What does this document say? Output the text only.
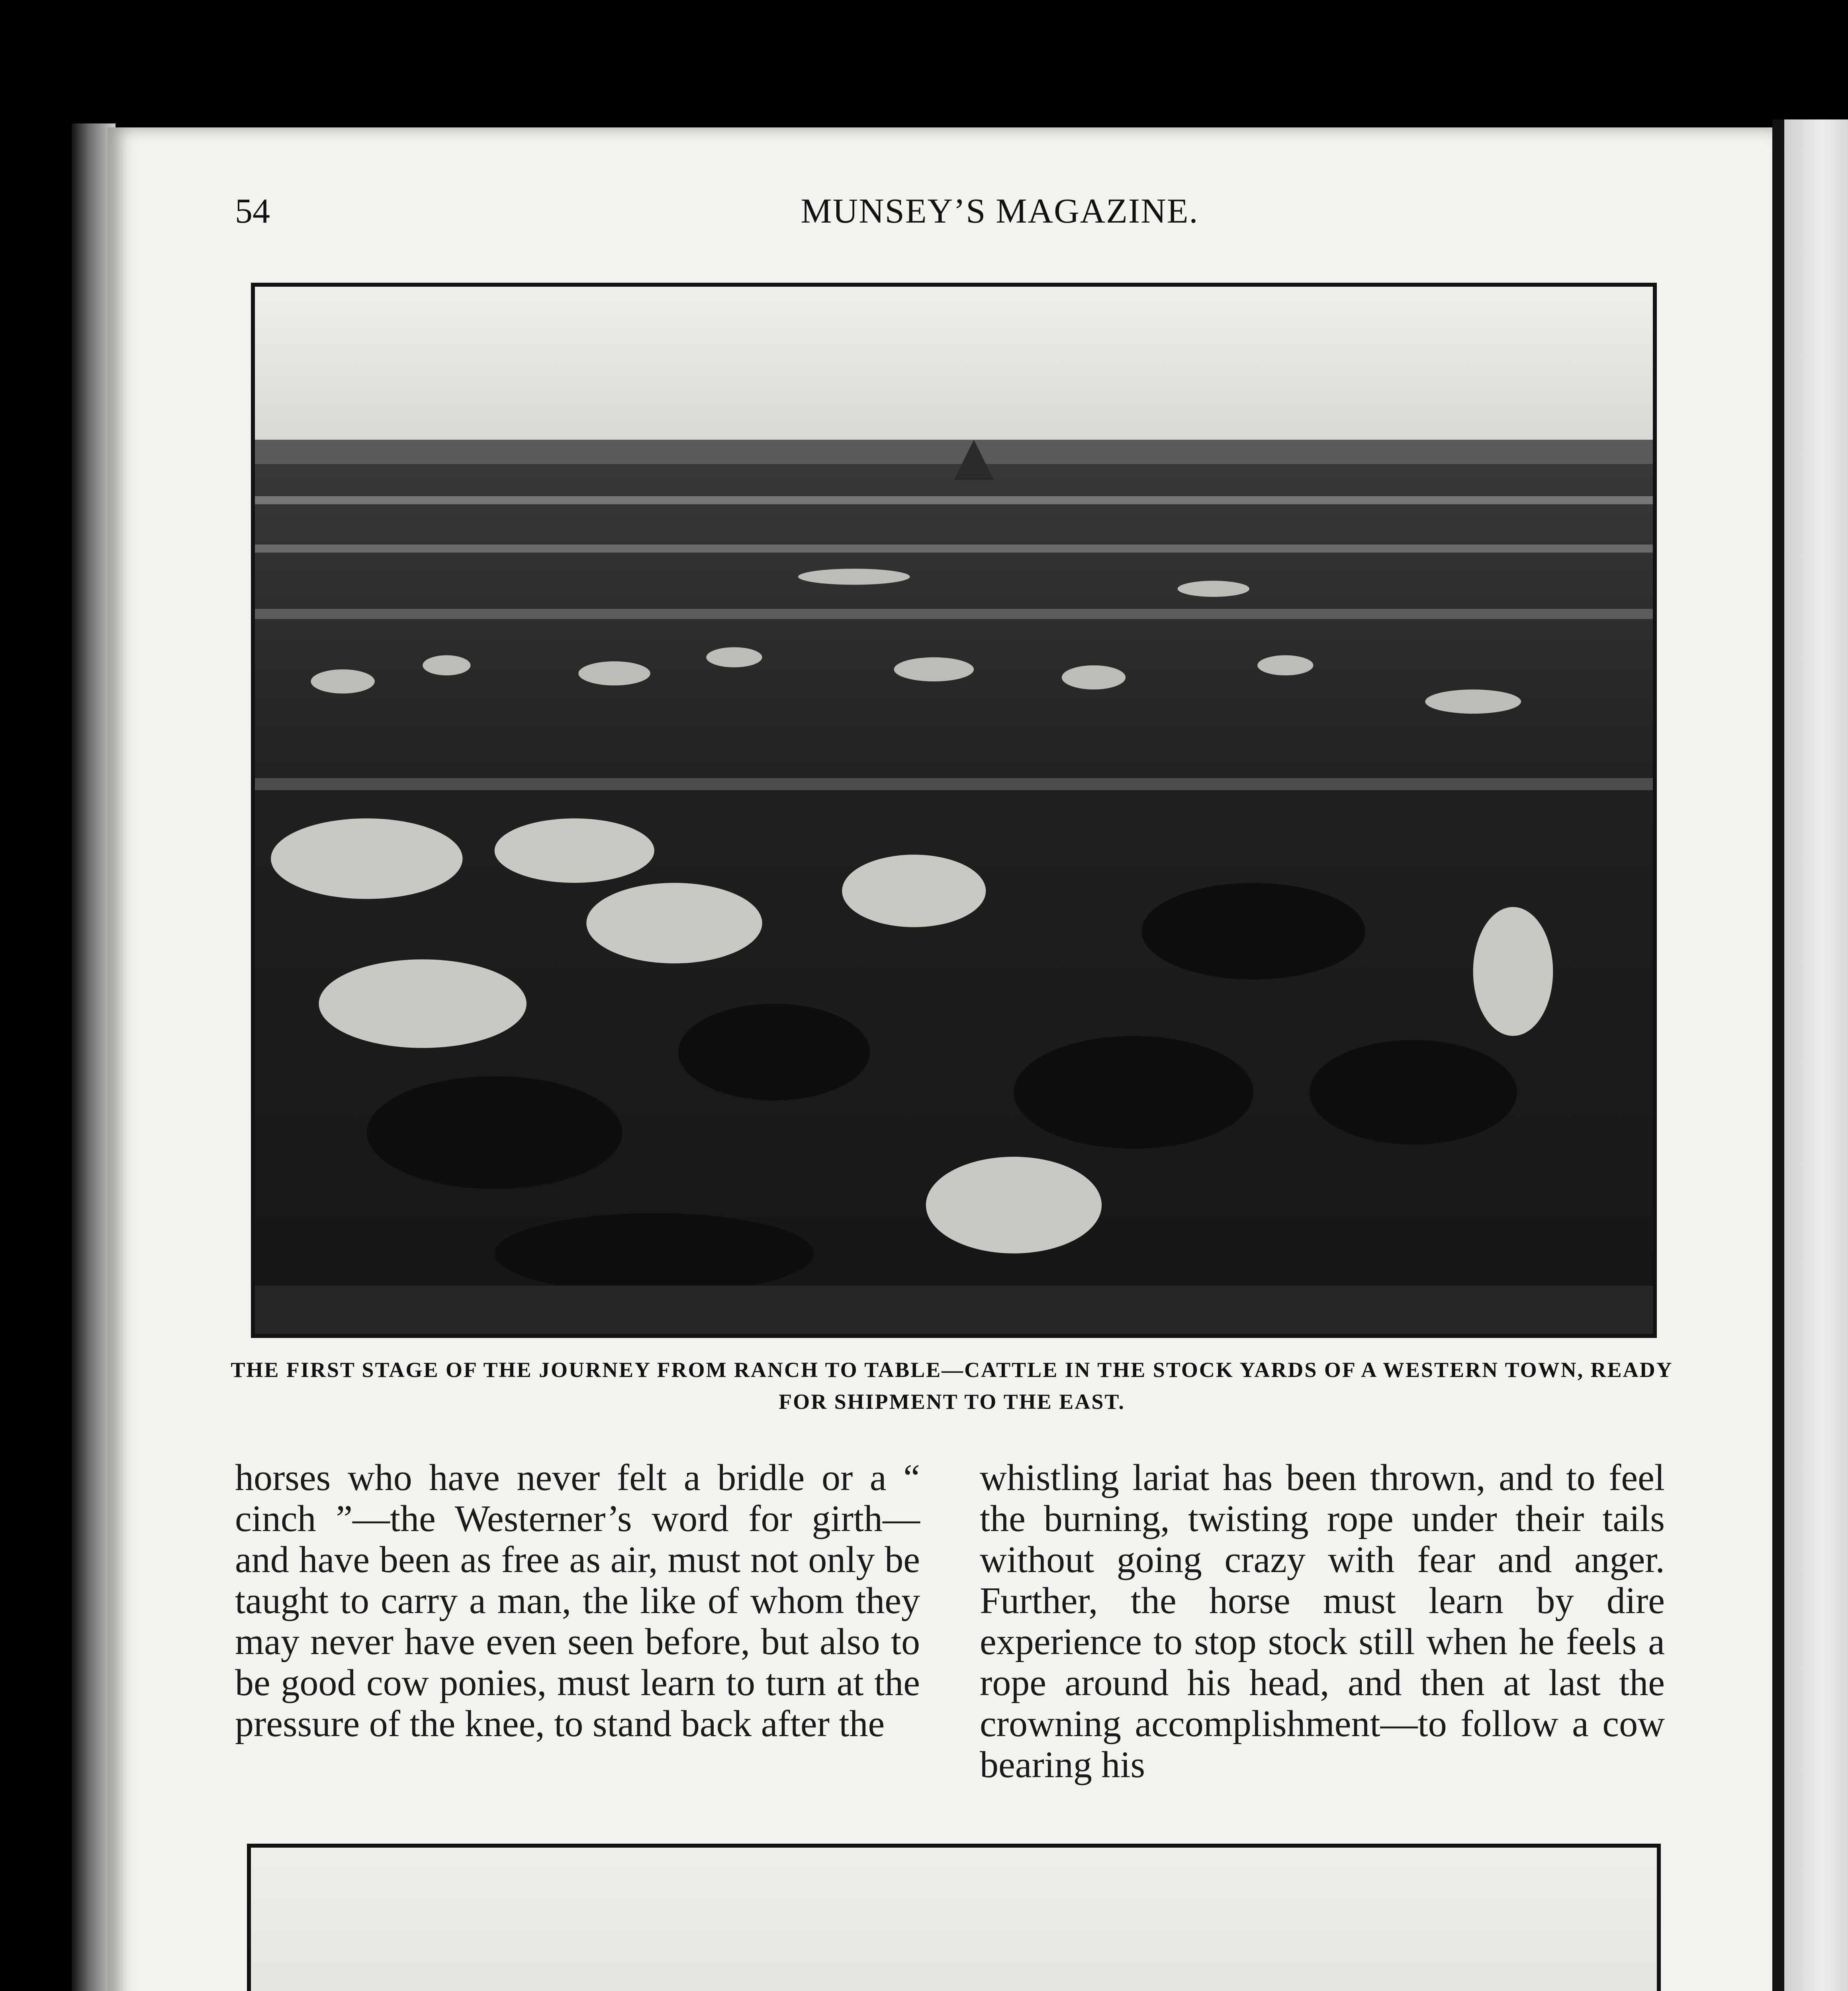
54	MUNSEY’S MAGAZINE.
THE FIRST STAGE OF THE JOURNEY FROM RANCH TO TABLE—CATTLE IN THE STOCK YARDS OF A WESTERN TOWN, READY FOR SHIPMENT TO THE EAST.

horses who have never felt a bridle or a “ cinch ”—the Westerner’s word for girth—and have been as free as air, must not only be taught to carry a man, the like of whom they may never have even seen before, but also to be good cow ponies, must learn to turn at the pressure of the knee, to stand back after the

whistling lariat has been thrown, and to feel the burning, twisting rope under their tails without going crazy with fear and anger. Further, the horse must learn by dire experience to stop stock still when he feels a rope around his head, and then at last the crowning accomplishment—to follow a cow bearing his
